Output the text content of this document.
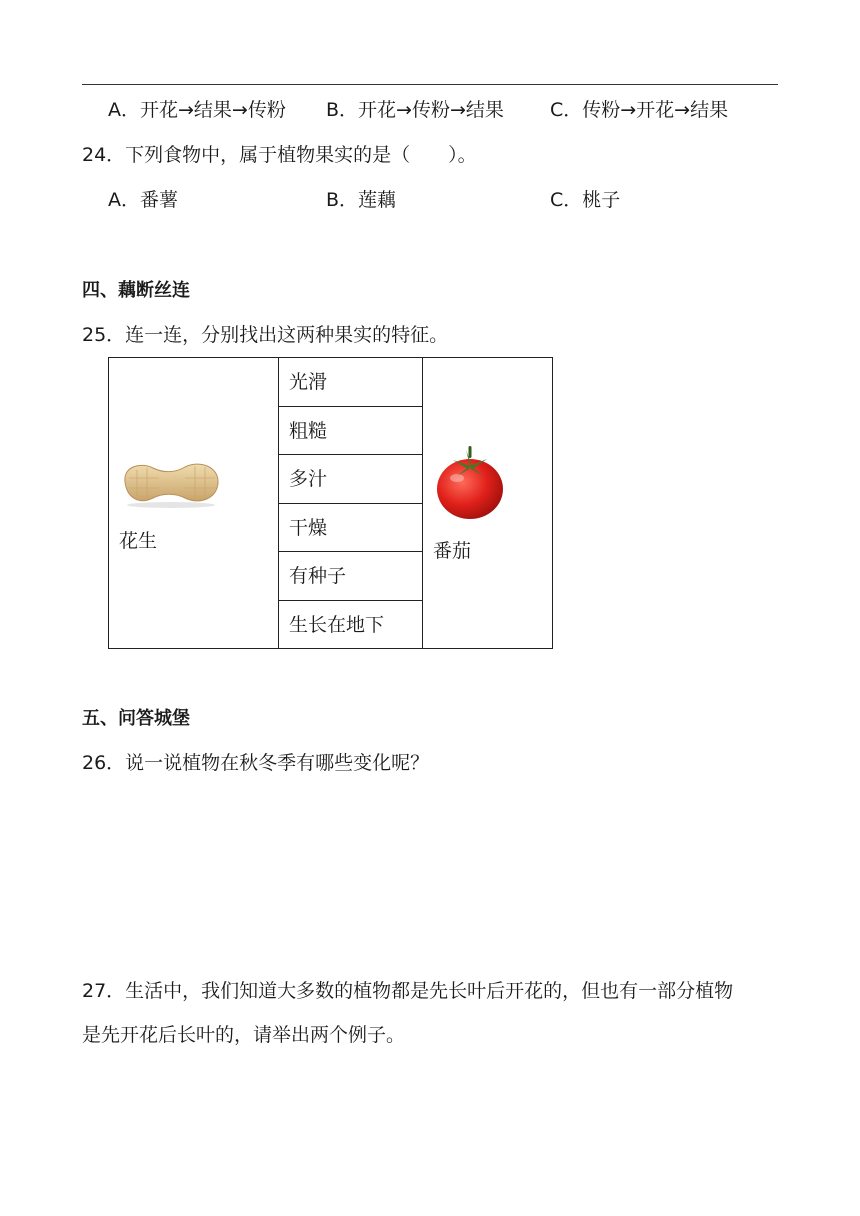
A．开花→结果→传粉 B．开花→传粉→结果 C．传粉→开花→结果
24．下列食物中，属于植物果实的是（　　）。
A．番薯	B．莲藕	C．桃子
四、藕断丝连
25．连一连，分别找出这两种果实的特征。
花生
光滑
粗糙
多汁
干燥
有种子
生长在地下
番茄
五、问答城堡
26．说一说植物在秋冬季有哪些变化呢？
27．生活中，我们知道大多数的植物都是先长叶后开花的，但也有一部分植物
是先开花后长叶的，请举出两个例子。
